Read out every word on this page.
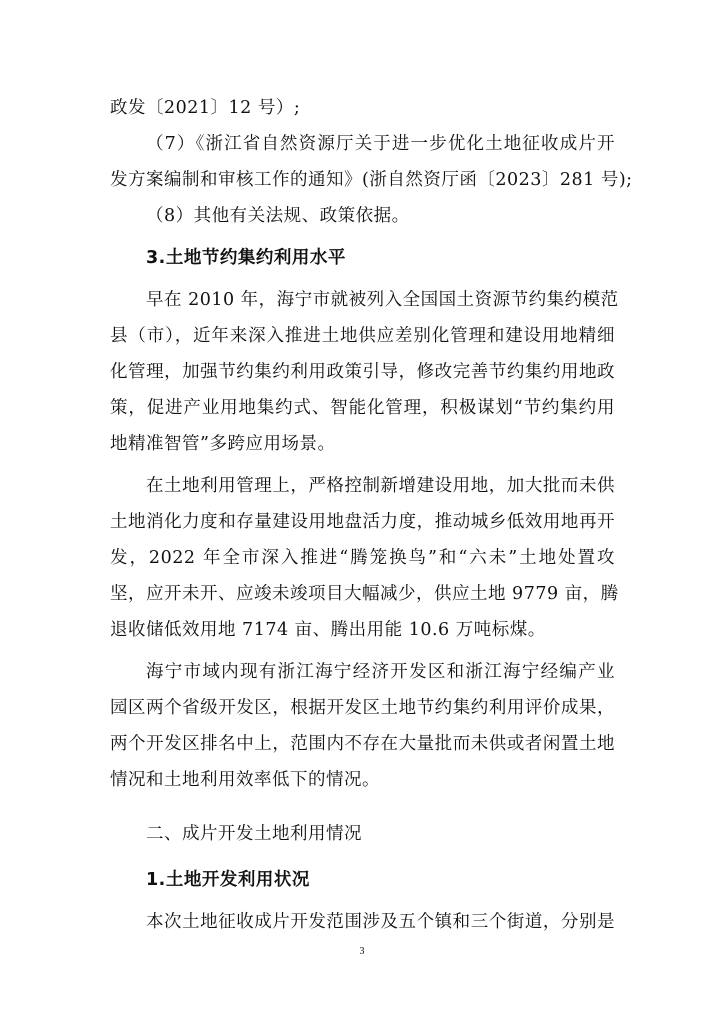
政发〔2021〕12 号）;
（7）《浙江省自然资源厅关于进一步优化土地征收成片开
发方案编制和审核工作的通知》(浙自然资厅函〔2023〕281 号);
（8）其他有关法规、政策依据。
3.土地节约集约利用水平
早在 2010 年，海宁市就被列入全国国土资源节约集约模范
县（市），近年来深入推进土地供应差别化管理和建设用地精细
化管理，加强节约集约利用政策引导，修改完善节约集约用地政
策，促进产业用地集约式、智能化管理，积极谋划“节约集约用
地精准智管”多跨应用场景。
在土地利用管理上，严格控制新增建设用地，加大批而未供
土地消化力度和存量建设用地盘活力度，推动城乡低效用地再开
发，2022 年全市深入推进“腾笼换鸟”和“六未”土地处置攻
坚，应开未开、应竣未竣项目大幅减少，供应土地 9779 亩，腾
退收储低效用地 7174 亩、腾出用能 10.6 万吨标煤。
海宁市域内现有浙江海宁经济开发区和浙江海宁经编产业
园区两个省级开发区，根据开发区土地节约集约利用评价成果，
两个开发区排名中上，范围内不存在大量批而未供或者闲置土地
情况和土地利用效率低下的情况。
二、成片开发土地利用情况
1.土地开发利用状况
本次土地征收成片开发范围涉及五个镇和三个街道，分别是
3
